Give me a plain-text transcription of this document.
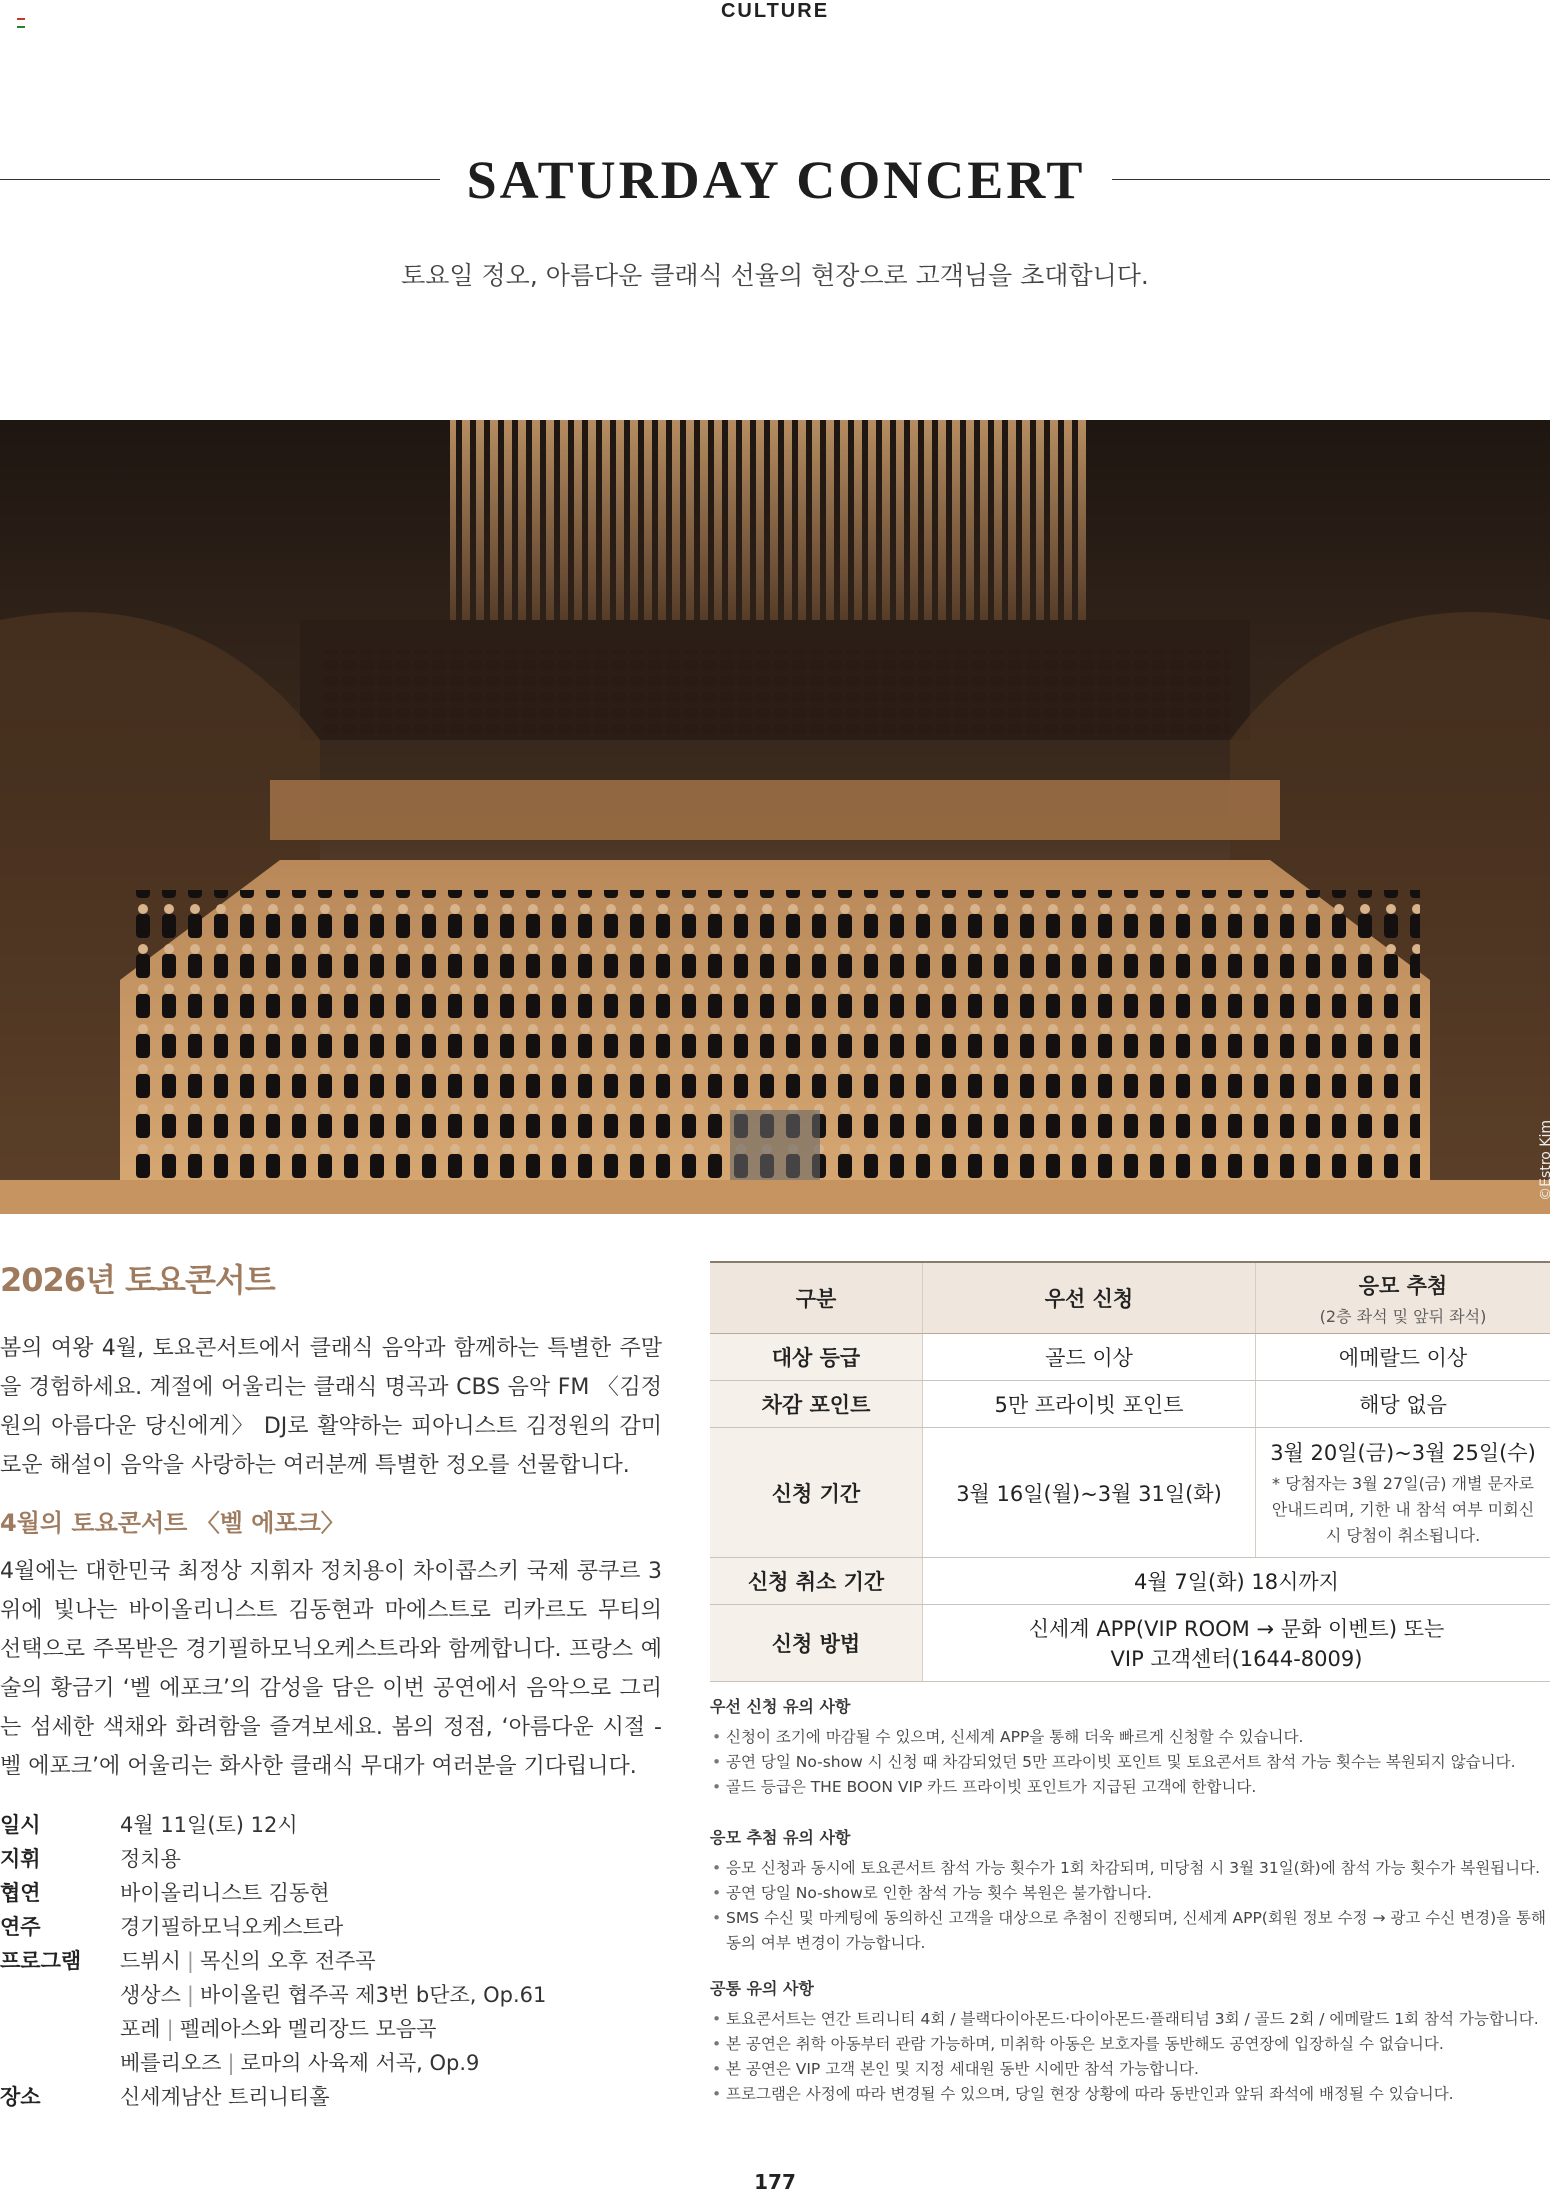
CULTURE
SATURDAY CONCERT
토요일 정오, 아름다운 클래식 선율의 현장으로 고객님을 초대합니다.
©Estro Kim
2026년 토요콘서트

봄의 여왕 4월, 토요콘서트에서 클래식 음악과 함께하는 특별한 주말을 경험하세요. 계절에 어울리는 클래식 명곡과 CBS 음악 FM 〈김정원의 아름다운 당신에게〉 DJ로 활약하는 피아니스트 김정원의 감미로운 해설이 음악을 사랑하는 여러분께 특별한 정오를 선물합니다.

4월의 토요콘서트 〈벨 에포크〉

4월에는 대한민국 최정상 지휘자 정치용이 차이콥스키 국제 콩쿠르 3위에 빛나는 바이올리니스트 김동현과 마에스트로 리카르도 무티의 선택으로 주목받은 경기필하모닉오케스트라와 함께합니다. 프랑스 예술의 황금기 ‘벨 에포크’의 감성을 담은 이번 공연에서 음악으로 그리는 섬세한 색채와 화려함을 즐겨보세요. 봄의 정점, ‘아름다운 시절 - 벨 에포크’에 어울리는 화사한 클래식 무대가 여러분을 기다립니다.

일시	4월 11일(토) 12시
지휘	정치용
협연	바이올리니스트 김동현
연주	경기필하모닉오케스트라
프로그램	드뷔시 | 목신의 오후 전주곡
생상스 | 바이올린 협주곡 제3번 b단조, Op.61
포레 | 펠레아스와 멜리장드 모음곡
베를리오즈 | 로마의 사육제 서곡, Op.9
장소	신세계남산 트리니티홀
구분	우선 신청	응모 추첨
(2층 좌석 및 앞뒤 좌석)

대상 등급	골드 이상	에메랄드 이상
차감 포인트	5만 프라이빗 포인트	해당 없음
신청 기간	3월 16일(월)~3월 31일(화)	3월 20일(금)~3월 25일(수)
* 당첨자는 3월 27일(금) 개별 문자로 안내드리며, 기한 내 참석 여부 미회신 시 당첨이 취소됩니다.

신청 취소 기간	4월 7일(화) 18시까지	
신청 방법	신세계 APP(VIP ROOM → 문화 이벤트) 또는
VIP 고객센터(1644-8009)	
우선 신청 유의 사항
• 신청이 조기에 마감될 수 있으며, 신세계 APP을 통해 더욱 빠르게 신청할 수 있습니다.
• 공연 당일 No-show 시 신청 때 차감되었던 5만 프라이빗 포인트 및 토요콘서트 참석 가능 횟수는 복원되지 않습니다.
• 골드 등급은 THE BOON VIP 카드 프라이빗 포인트가 지급된 고객에 한합니다.
응모 추첨 유의 사항
• 응모 신청과 동시에 토요콘서트 참석 가능 횟수가 1회 차감되며, 미당첨 시 3월 31일(화)에 참석 가능 횟수가 복원됩니다.
• 공연 당일 No-show로 인한 참석 가능 횟수 복원은 불가합니다.
• SMS 수신 및 마케팅에 동의하신 고객을 대상으로 추첨이 진행되며, 신세계 APP(회원 정보 수정 → 광고 수신 변경)을 통해 동의 여부 변경이 가능합니다.
공통 유의 사항
• 토요콘서트는 연간 트리니티 4회 / 블랙다이아몬드·다이아몬드·플래티넘 3회 / 골드 2회 / 에메랄드 1회 참석 가능합니다.
• 본 공연은 취학 아동부터 관람 가능하며, 미취학 아동은 보호자를 동반해도 공연장에 입장하실 수 없습니다.
• 본 공연은 VIP 고객 본인 및 지정 세대원 동반 시에만 참석 가능합니다.
• 프로그램은 사정에 따라 변경될 수 있으며, 당일 현장 상황에 따라 동반인과 앞뒤 좌석에 배정될 수 있습니다.
177
